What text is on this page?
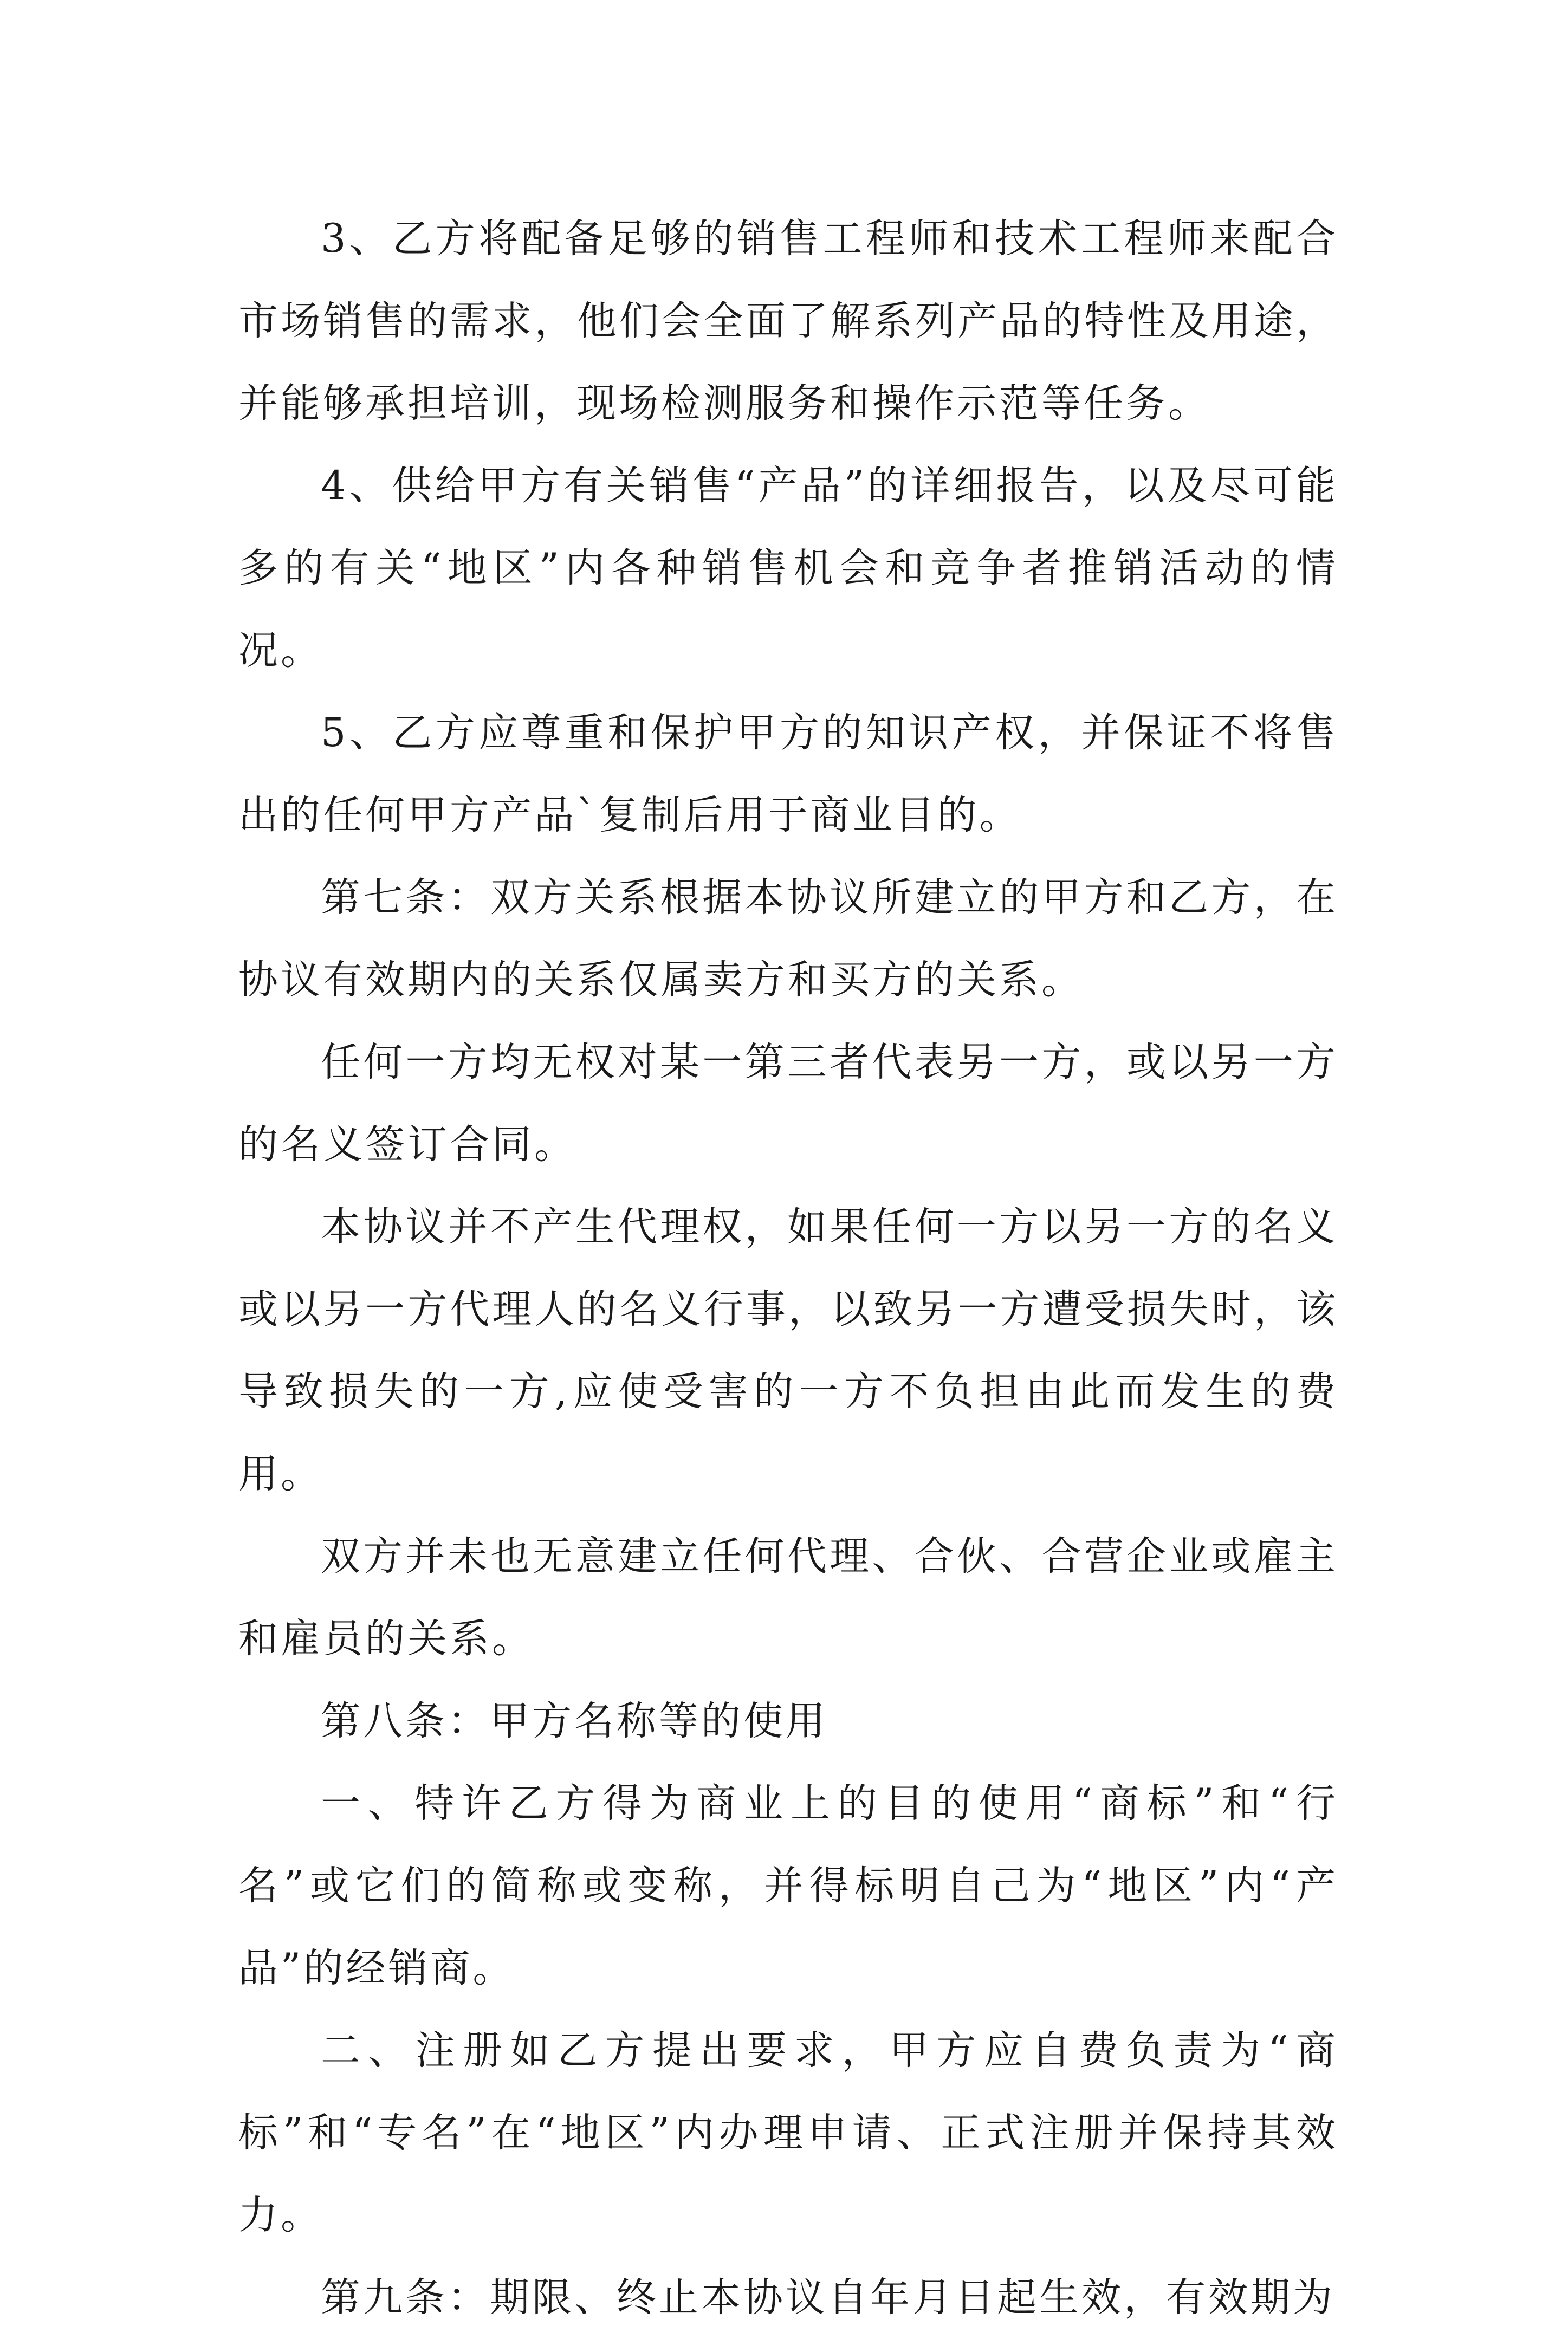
3、乙方将配备足够的销售工程师和技术工程师来配合市场销售的需求，他们会全面了解系列产品的特性及用途，并能够承担培训，现场检测服务和操作示范等任务。

4、供给甲方有关销售“产品”的详细报告，以及尽可能多的有关“地区”内各种销售机会和竞争者推销活动的情况。

5、乙方应尊重和保护甲方的知识产权，并保证不将售出的任何甲方产品`复制后用于商业目的。

第七条：双方关系根据本协议所建立的甲方和乙方，在协议有效期内的关系仅属卖方和买方的关系。

任何一方均无权对某一第三者代表另一方，或以另一方的名义签订合同。

本协议并不产生代理权，如果任何一方以另一方的名义或以另一方代理人的名义行事，以致另一方遭受损失时，该导致损失的一方,应使受害的一方不负担由此而发生的费用。

双方并未也无意建立任何代理、合伙、合营企业或雇主和雇员的关系。

第八条：甲方名称等的使用

一、特许乙方得为商业上的目的使用“商标”和“行名”或它们的简称或变称，并得标明自己为“地区”内“产品”的经销商。

二、注册如乙方提出要求，甲方应自费负责为“商标”和“专名”在“地区”内办理申请、正式注册并保持其效力。

第九条：期限、终止本协议自年月日起生效，有效期为
